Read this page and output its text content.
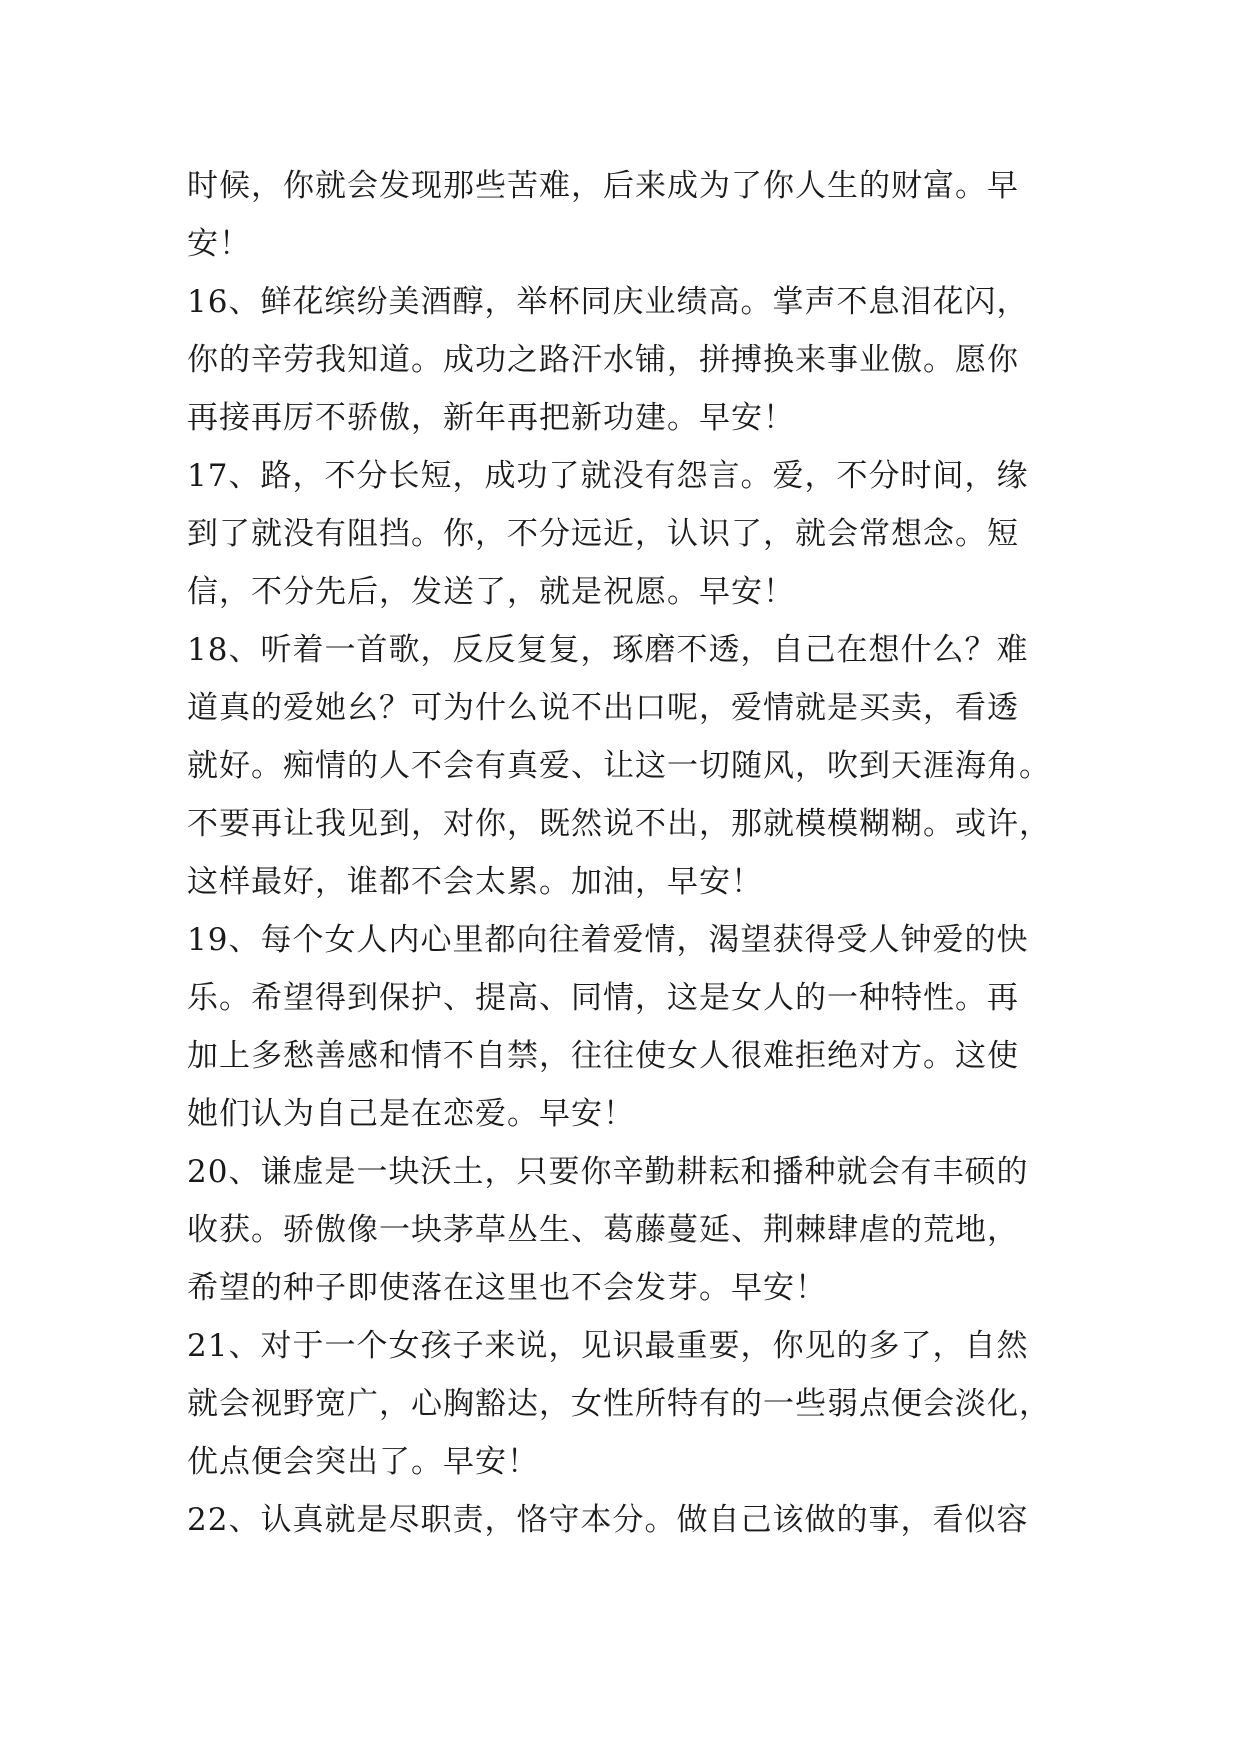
时候，你就会发现那些苦难，后来成为了你人生的财富。早
安！
16、鲜花缤纷美酒醇，举杯同庆业绩高。掌声不息泪花闪，
你的辛劳我知道。成功之路汗水铺，拼搏换来事业傲。愿你
再接再厉不骄傲，新年再把新功建。早安！
17、路，不分长短，成功了就没有怨言。爱，不分时间，缘
到了就没有阻挡。你，不分远近，认识了，就会常想念。短
信，不分先后，发送了，就是祝愿。早安！
18、听着一首歌，反反复复，琢磨不透，自己在想什么？难
道真的爱她幺？可为什么说不出口呢，爱情就是买卖，看透
就好。痴情的人不会有真爱、让这一切随风，吹到天涯海角。
不要再让我见到，对你，既然说不出，那就模模糊糊。或许，
这样最好，谁都不会太累。加油，早安！
19、每个女人内心里都向往着爱情，渴望获得受人钟爱的快
乐。希望得到保护、提高、同情，这是女人的一种特性。再
加上多愁善感和情不自禁，往往使女人很难拒绝对方。这使
她们认为自己是在恋爱。早安！
20、谦虚是一块沃土，只要你辛勤耕耘和播种就会有丰硕的
收获。骄傲像一块茅草丛生、葛藤蔓延、荆棘肆虐的荒地，
希望的种子即使落在这里也不会发芽。早安！
21、对于一个女孩子来说，见识最重要，你见的多了，自然
就会视野宽广，心胸豁达，女性所特有的一些弱点便会淡化，
优点便会突出了。早安！
22、认真就是尽职责，恪守本分。做自己该做的事，看似容
